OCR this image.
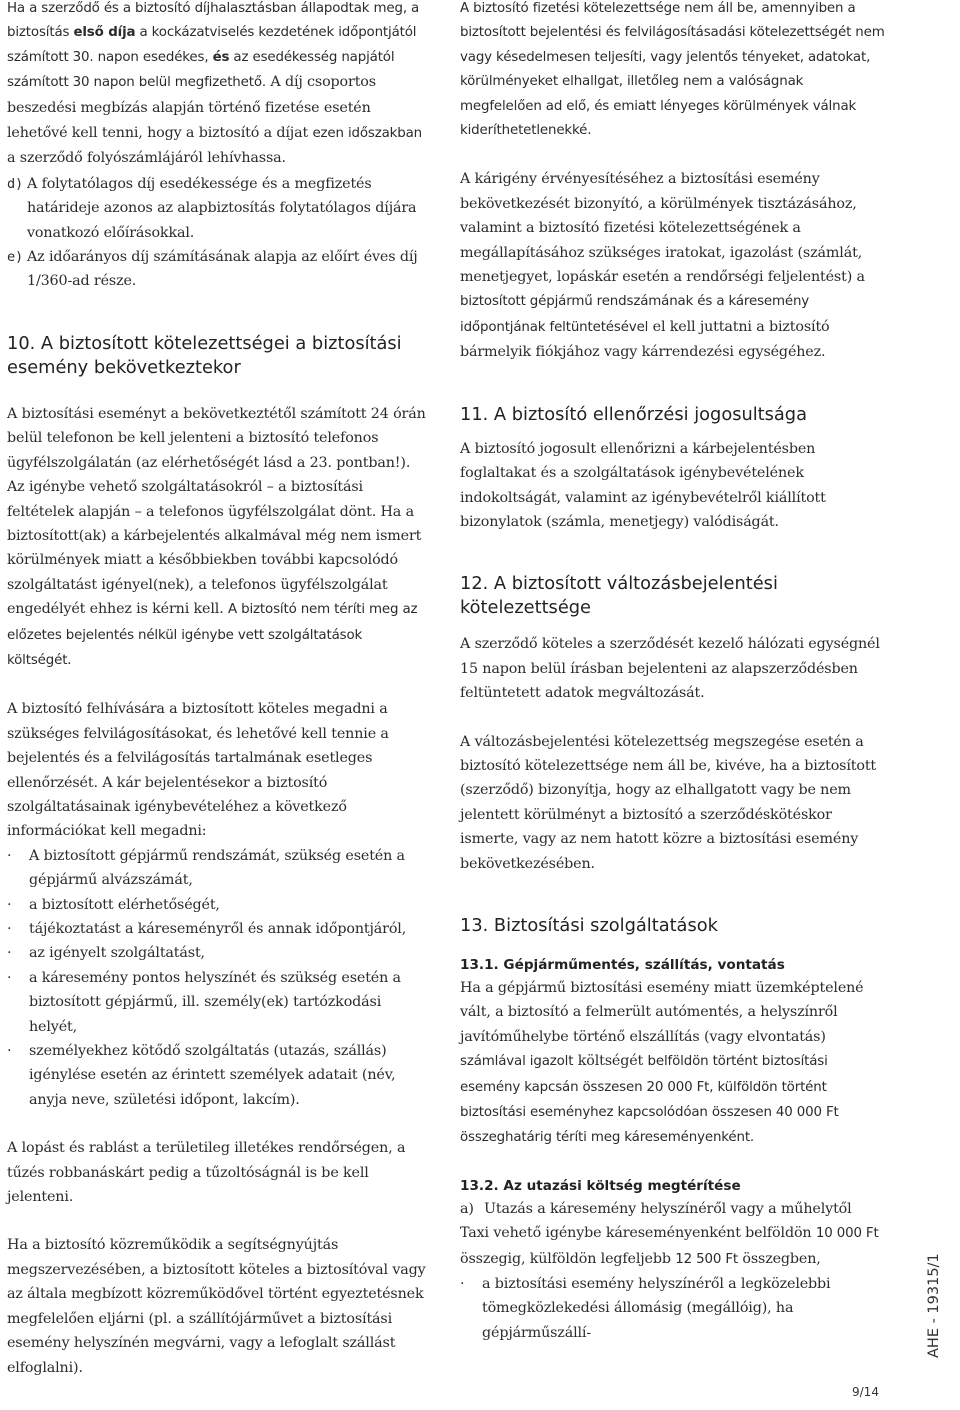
Ha a szerződő és a biztosító díjhalasztásban állapodtak meg, a biztosítás első díja a kockázatviselés kezdetének időpontjától számított 30. napon esedékes, és az esedékesség napjától számított 30 napon belül megfizethető. A díj csoportos beszedési megbízás alapján történő fizetése esetén lehetővé kell tenni, hogy a biztosító a díjat ezen időszakban a szerződő folyószámlájáról lehívhassa.

d) A folytatólagos díj esedékessége és a megfizetés határideje azonos az alapbiztosítás folytatólagos díjára vonatkozó előírásokkal.
e) Az időarányos díj számításának alapja az előírt éves díj 1/360-ad része.
10. A biztosított kötelezettségei a biztosítási esemény bekövetkeztekor

A biztosítási eseményt a bekövetkeztétől számított 24 órán belül telefonon be kell jelenteni a biztosító telefonos ügyfélszolgálatán (az elérhetőségét lásd a 23. pontban!). Az igénybe vehető szolgáltatásokról – a biztosítási feltételek alapján – a telefonos ügyfélszolgálat dönt. Ha a biztosított(ak) a kárbejelentés alkalmával még nem ismert körülmények miatt a későbbiekben további kapcsolódó szolgáltatást igényel(nek), a telefonos ügyfélszolgálat engedélyét ehhez is kérni kell. A biztosító nem téríti meg az előzetes bejelentés nélkül igénybe vett szolgáltatások költségét.

A biztosító felhívására a biztosított köteles megadni a szükséges felvilágosításokat, és lehetővé kell tennie a bejelentés és a felvilágosítás tartalmának esetleges ellenőrzését. A kár bejelentésekor a biztosító szolgáltatásainak igénybevételéhez a következő információkat kell megadni:

·	A biztosított gépjármű rendszámát, szükség esetén a gépjármű alvázszámát,
·	a biztosított elérhetőségét,
·	tájékoztatást a káreseményről és annak időpontjáról,
·	az igényelt szolgáltatást,
·	a káresemény pontos helyszínét és szükség esetén a biztosított gépjármű, ill. személy(ek) tartózkodási helyét,
·	személyekhez kötődő szolgáltatás (utazás, szállás) igénylése esetén az érintett személyek adatait (név, anyja neve, születési időpont, lakcím).

A lopást és rablást a területileg illetékes rendőrségen, a tűzés robbanáskárt pedig a tűzoltóságnál is be kell jelenteni.

Ha a biztosító közreműködik a segítségnyújtás megszervezésében, a biztosított köteles a biztosítóval vagy az általa megbízott közreműködővel történt egyeztetésnek megfelelően eljárni (pl. a szállítójárművet a biztosítási esemény helyszínén megvárni, vagy a lefoglalt szállást elfoglalni).

A biztosító fizetési kötelezettsége nem áll be, amennyiben a biztosított bejelentési és felvilágosításadási kötelezettségét nem vagy késedelmesen teljesíti, vagy jelentős tényeket, adatokat, körülményeket elhallgat, illetőleg nem a valóságnak megfelelően ad elő, és emiatt lényeges körülmények válnak kideríthetetlenekké.

A kárigény érvényesítéséhez a biztosítási esemény bekövetkezését bizonyító, a körülmények tisztázásához, valamint a biztosító fizetési kötelezettségének a megállapításához szükséges iratokat, igazolást (számlát, menetjegyet, lopáskár esetén a rendőrségi feljelentést) a biztosított gépjármű rendszámának és a káresemény időpontjának feltüntetésével el kell juttatni a biztosító bármelyik fiókjához vagy kárrendezési egységéhez.

11. A biztosító ellenőrzési jogosultsága

A biztosító jogosult ellenőrizni a kárbejelentésben foglaltakat és a szolgáltatások igénybevételének indokoltságát, valamint az igénybevételről kiállított bizonylatok (számla, menetjegy) valódiságát.

12. A biztosított változásbejelentési kötelezettsége

A szerződő köteles a szerződését kezelő hálózati egységnél 15 napon belül írásban bejelenteni az alapszerződésben feltüntetett adatok megváltozását.

A változásbejelentési kötelezettség megszegése esetén a biztosító kötelezettsége nem áll be, kivéve, ha a biztosított (szerződő) bizonyítja, hogy az elhallgatott vagy be nem jelentett körülményt a biztosító a szerződéskötéskor ismerte, vagy az nem hatott közre a biztosítási esemény bekövetkezésében.

13. Biztosítási szolgáltatások
13.1. Gépjárműmentés, szállítás, vontatás

Ha a gépjármű biztosítási esemény miatt üzemképtelené vált, a biztosító a felmerült autómentés, a helyszínről javítóműhelybe történő elszállítás (vagy elvontatás) számlával igazolt költségét belföldön történt biztosítási esemény kapcsán összesen 20 000 Ft, külföldön történt biztosítási eseményhez kapcsolódóan összesen 40 000 Ft összeghatárig téríti meg káreseményenként.

13.2. Az utazási költség megtérítése
a) Utazás a káresemény helyszínéről vagy a műhelytől

Taxi vehető igénybe káreseményenként belföldön 10 000 Ft összegig, külföldön legfeljebb 12 500 Ft összegben,

·	a biztosítási esemény helyszínéről a legközelebbi tömegközlekedési állomásig (megállóig), ha gépjárműszállí-	AHE - 19315/1
9/14
